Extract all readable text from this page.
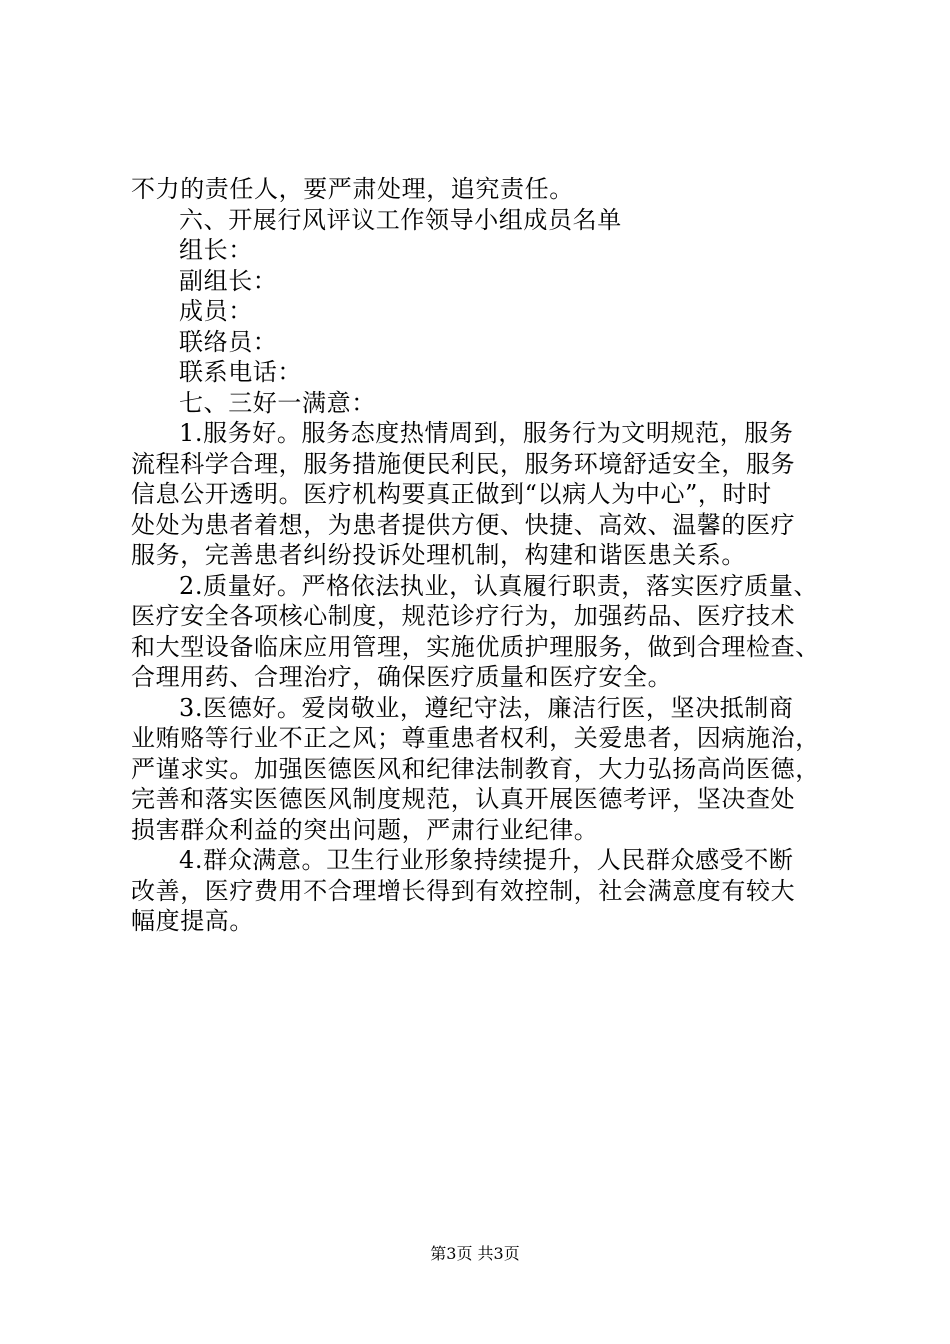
不力的责任人，要严肃处理，追究责任。
六、开展行风评议工作领导小组成员名单
组长：
副组长：
成员：
联络员：
联系电话：
七、三好一满意：
1.服务好。服务态度热情周到，服务行为文明规范，服务
流程科学合理，服务措施便民利民，服务环境舒适安全，服务
信息公开透明。医疗机构要真正做到“以病人为中心”，时时
处处为患者着想，为患者提供方便、快捷、高效、温馨的医疗
服务，完善患者纠纷投诉处理机制，构建和谐医患关系。
2.质量好。严格依法执业，认真履行职责，落实医疗质量、
医疗安全各项核心制度，规范诊疗行为，加强药品、医疗技术
和大型设备临床应用管理，实施优质护理服务，做到合理检查、
合理用药、合理治疗，确保医疗质量和医疗安全。
3.医德好。爱岗敬业，遵纪守法，廉洁行医，坚决抵制商
业贿赂等行业不正之风；尊重患者权利，关爱患者，因病施治，
严谨求实。加强医德医风和纪律法制教育，大力弘扬高尚医德，
完善和落实医德医风制度规范，认真开展医德考评，坚决查处
损害群众利益的突出问题，严肃行业纪律。
4.群众满意。卫生行业形象持续提升，人民群众感受不断
改善，医疗费用不合理增长得到有效控制，社会满意度有较大
幅度提高。
第3页 共3页
